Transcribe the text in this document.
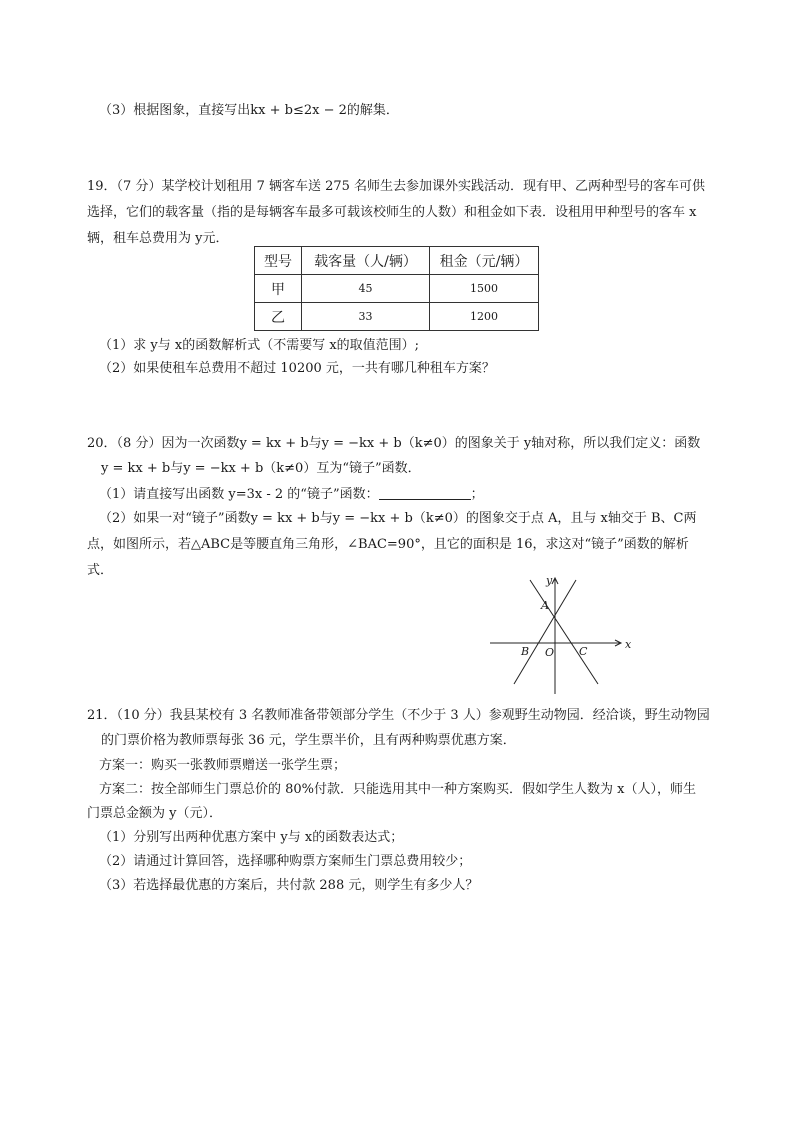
（3）根据图象，直接写出kx + b≤2x − 2的解集．
19．（7 分）某学校计划租用 7 辆客车送 275 名师生去参加课外实践活动．现有甲、乙两种型号的客车可供
选择，它们的载客量（指的是每辆客车最多可载该校师生的人数）和租金如下表．设租用甲种型号的客车 x
辆，租车总费用为 y元．
型号	载客量（人/辆）	租金（元/辆）
甲	45	1500
乙	33	1200
（1）求 y与 x的函数解析式（不需要写 x的取值范围）;
（2）如果使租车总费用不超过 10200 元，一共有哪几种租车方案？
20．（8 分）因为一次函数y = kx + b与y = −kx + b（k≠0）的图象关于 y轴对称，所以我们定义：函数
y = kx + b与y = −kx + b（k≠0）互为“镜子”函数．
（1）请直接写出函数 y=3x - 2 的“镜子”函数：	；
（2）如果一对“镜子”函数y = kx + b与y = −kx + b（k≠0）的图象交于点 A，且与 x轴交于 B、C两
点，如图所示，若△ABC是等腰直角三角形，∠BAC=90°，且它的面积是 16，求这对“镜子”函数的解析
式．
y
x
A
B O C
21．（10 分）我县某校有 3 名教师准备带领部分学生（不少于 3 人）参观野生动物园．经洽谈，野生动物园
的门票价格为教师票每张 36 元，学生票半价，且有两种购票优惠方案．
方案一：购买一张教师票赠送一张学生票；
方案二：按全部师生门票总价的 80%付款．只能选用其中一种方案购买．假如学生人数为 x（人），师生
门票总金额为 y（元）．
（1）分别写出两种优惠方案中 y与 x的函数表达式；
（2）请通过计算回答，选择哪种购票方案师生门票总费用较少；
（3）若选择最优惠的方案后，共付款 288 元，则学生有多少人？
